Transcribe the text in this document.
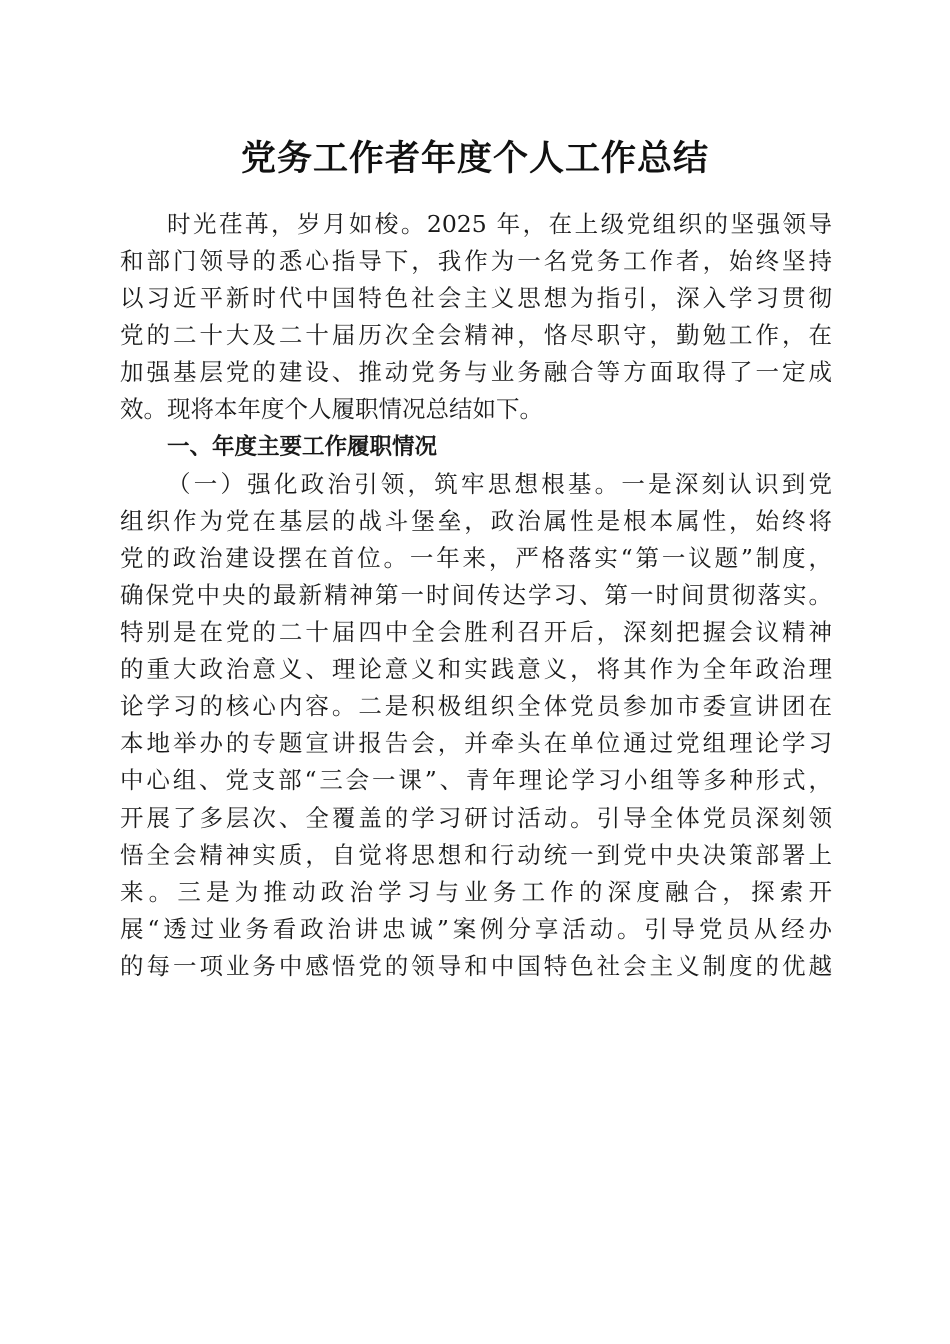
党务工作者年度个人工作总结
时光荏苒，岁月如梭。2025 年，在上级党组织的坚强领导
和部门领导的悉心指导下，我作为一名党务工作者，始终坚持
以习近平新时代中国特色社会主义思想为指引，深入学习贯彻
党的二十大及二十届历次全会精神，恪尽职守，勤勉工作，在
加强基层党的建设、推动党务与业务融合等方面取得了一定成
效。现将本年度个人履职情况总结如下。
一、年度主要工作履职情况
（一）强化政治引领，筑牢思想根基。一是深刻认识到党
组织作为党在基层的战斗堡垒，政治属性是根本属性，始终将
党的政治建设摆在首位。一年来，严格落实“第一议题”制度，
确保党中央的最新精神第一时间传达学习、第一时间贯彻落实。
特别是在党的二十届四中全会胜利召开后，深刻把握会议精神
的重大政治意义、理论意义和实践意义，将其作为全年政治理
论学习的核心内容。二是积极组织全体党员参加市委宣讲团在
本地举办的专题宣讲报告会，并牵头在单位通过党组理论学习
中心组、党支部“三会一课”、青年理论学习小组等多种形式，
开展了多层次、全覆盖的学习研讨活动。引导全体党员深刻领
悟全会精神实质，自觉将思想和行动统一到党中央决策部署上
来。三是为推动政治学习与业务工作的深度融合，探索开
展“透过业务看政治讲忠诚”案例分享活动。引导党员从经办
的每一项业务中感悟党的领导和中国特色社会主义制度的优越
